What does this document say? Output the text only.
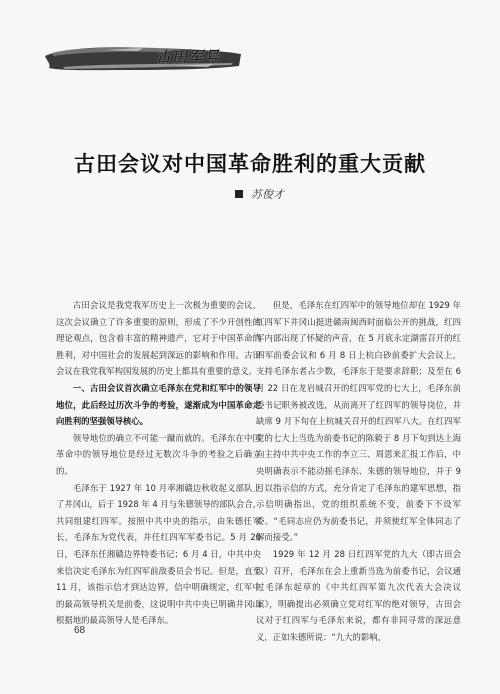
古田军号
古田会议对中国革命胜利的重大贡献
苏俊才

古田会议是我党我军历史上一次极为重要的会议，这次会议确立了许多重要的原则，形成了不少开创性的理论观点，包含着丰富的精神遗产，它对于中国革命的胜利，对中国社会的发展起到深远的影响和作用。古田会议在我党我军构国发展的历史上都具有重要的意义。

一、古田会议首次确立毛泽东在党和红军中的领导地位，此后经过历次斗争的考验，遂渐成为中国革命走向胜利的坚强领导核心。

领导地位的确立不可能一蹴而就的。毛泽东在中国革命中的领导地位是经过无数次斗争的考验之后确立的。

毛泽东于 1927 年 10 月率湘赣边秋收起义部队上了井冈山，后于 1928 年 4 月与朱德领导的部队会合，共同组建红四军。按照中共中央的指示，由朱德任军长，毛泽东为党代表，并任红四军军委书记。5 月 20 日，毛泽东任湘赣边界特委书记；6 月 4 日，中共中央来信决定毛泽东为红四军前敌委员会书记。但是，直至 11 月，该指示信才到达边界，信中明确规定，红军中的最高领导机关是前委，这说明中共中央已明确井冈山根据地的最高领导人是毛泽东。

但是，毛泽东在红四军中的领导地位却在 1929 年红四军下井冈山挺进赣南闽西时面临公开的挑战，红四军内部出现了怀疑的声音，在 5 月底永定湖雷召开的红四军前委会议和 6 月 8 日上杭白砂前委扩大会议上，支持毛泽东者占少数，毛泽东于是要求辞职；及至在 6 月 22 日在龙岩城召开的红四军党的七大上，毛泽东前委书记职务被改选，从而离开了红四军的领导岗位，并缺席 9 月下旬在上杭城关召开的红四军八大。在红四军党的七大上当选为前委书记的陈毅于 8 月下旬到达上海向主持中共中央工作的李立三、周恩来汇报工作后，中央明确表示不能动摇毛泽东、朱德的领导地位，并于 9 月以指示信的方式，充分肯定了毛泽东的建军思想，指示信明确指出，党的组织系统不变，前委下不设军委。“毛同志应仍为前委书记，并须使红军全体同志了解而接受。”

1929 年 12 月 28 日红四军党的九大（即古田会议）召开，毛泽东在会上重新当选为前委书记，会议通过毛泽东起草的《中共红四军第九次代表大会决议案》，明确提出必须确立党对红军的绝对领导，古田会议对于红四军与毛泽东来说，都有非同寻常的深远意义，正如朱德所说：“九大的影响，

68
